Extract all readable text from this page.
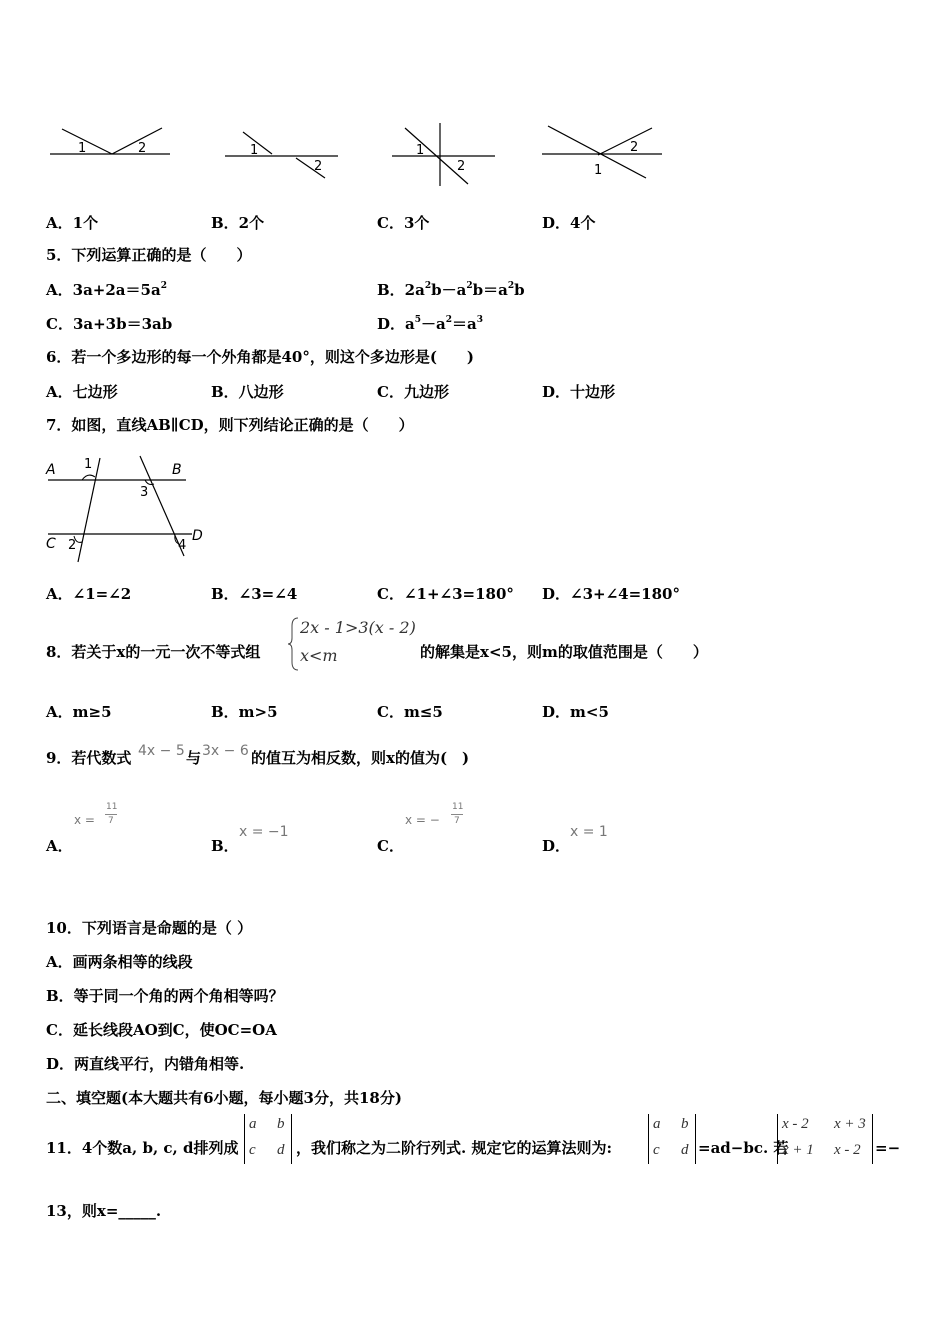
1	2	1
2
1
2
2
1
A．1个	B．2个	C．3个	D．4个
5．下列运算正确的是（　　）
A．$3a+2a=5a^2$	B．$2a^2b-a^2b=a^2b$
C．3a+3b＝3ab	D．$a^5-a^2=a^3$
6．若一个多边形的每一个外角都是40°，则这个多边形是(　　)
A．七边形	B．八边形	C．九边形	D．十边形
7．如图，直线AB∥CD，则下列结论正确的是（　　）
A 1	B
3
C 2	4
D
A．∠1=∠2	B．∠3=∠4	C．∠1+∠3=180° D．∠3+∠4=180°
8．若关于x的一元一次不等式组
2x - 1>3(x - 2)
x<m	的解集是x<5，则m的取值范围是（　　）
A．m≥5	B．m>5	C．m≤5	D．m<5
9．若代数式 4x − 5 与 3x − 6 的值互为相反数，则x的值为(　)
A．
x =
11
7
B．
x = −1
C．
x = −
11
7
D．
x = 1
10．下列语言是命题的是（ ）
A．画两条相等的线段
B．等于同一个角的两个角相等吗？
C．延长线段AO到C，使OC=OA
D．两直线平行，内错角相等.
二、填空题(本大题共有6小题，每小题3分，共18分)
11．4个数a, b, c, d排列成
a b
c d ，我们称之为二阶行列式. 规定它的运算法则为:
a b
c d =ad−bc. 若
x - 2 x + 3
x + 1 x - 2 =−
13，则x=_____.
